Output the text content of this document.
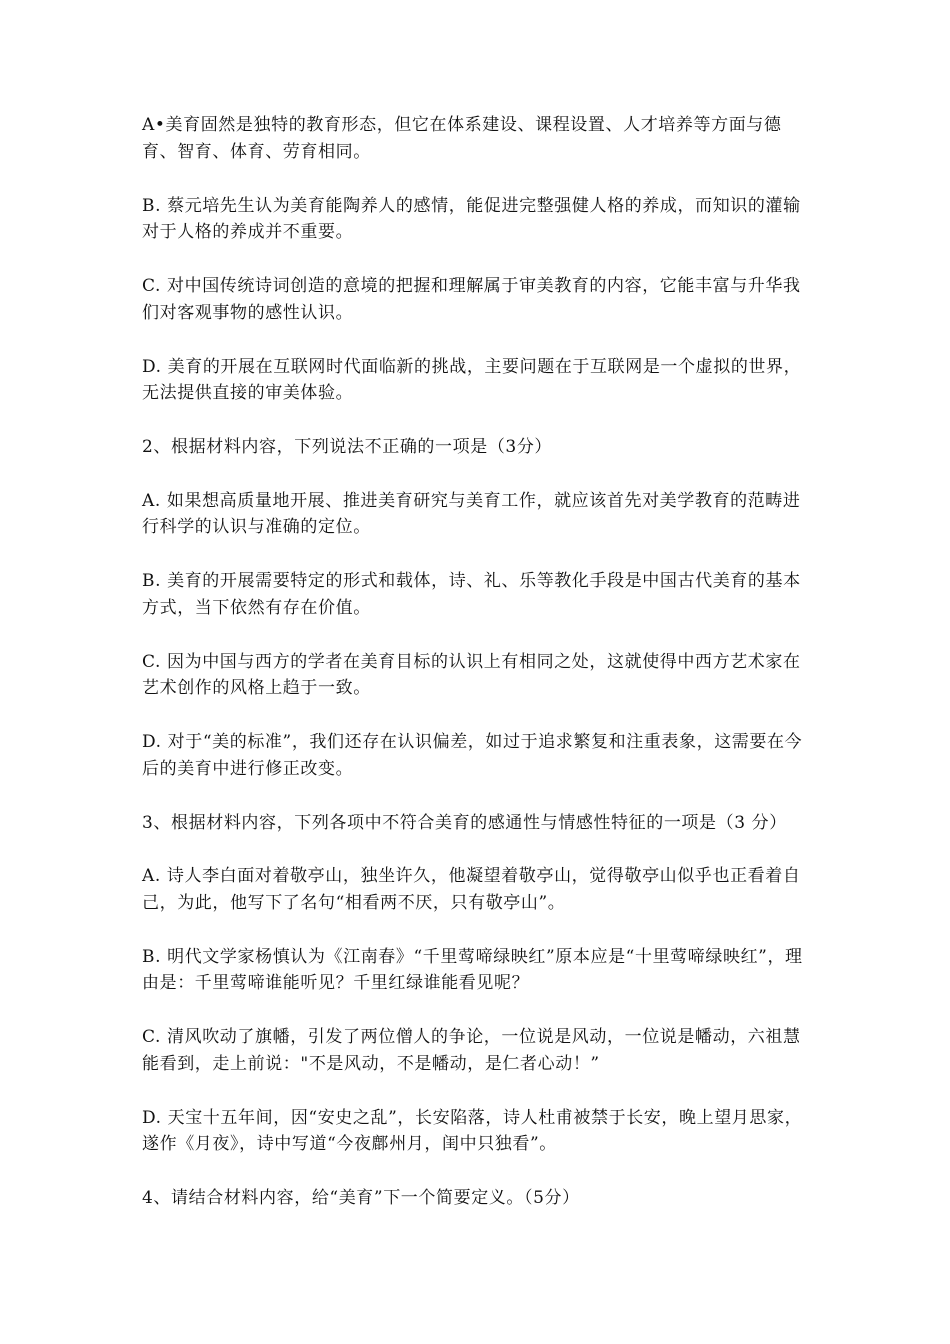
A•美育固然是独特的教育形态，但它在体系建设、课程设置、人才培养等方面与德育、智育、体育、劳育相同。

B. 蔡元培先生认为美育能陶养人的感情，能促进完整强健人格的养成，而知识的灌输对于人格的养成并不重要。

C. 对中国传统诗词创造的意境的把握和理解属于审美教育的内容，它能丰富与升华我们对客观事物的感性认识。

D. 美育的开展在互联网时代面临新的挑战，主要问题在于互联网是一个虚拟的世界，无法提供直接的审美体验。

2、根据材料内容，下列说法不正确的一项是（3分）

A. 如果想高质量地开展、推进美育研究与美育工作，就应该首先对美学教育的范畴进行科学的认识与准确的定位。

B. 美育的开展需要特定的形式和载体，诗、礼、乐等教化手段是中国古代美育的基本方式，当下依然有存在价值。

C. 因为中国与西方的学者在美育目标的认识上有相同之处，这就使得中西方艺术家在艺术创作的风格上趋于一致。

D. 对于“美的标准”，我们还存在认识偏差，如过于追求繁复和注重表象，这需要在今后的美育中进行修正改变。

3、根据材料内容，下列各项中不符合美育的感通性与情感性特征的一项是（3 分）

A. 诗人李白面对着敬亭山，独坐许久，他凝望着敬亭山，觉得敬亭山似乎也正看着自己，为此，他写下了名句“相看两不厌，只有敬亭山”。

B. 明代文学家杨慎认为《江南春》“千里莺啼绿映红”原本应是“十里莺啼绿映红”，理由是：千里莺啼谁能听见？千里红绿谁能看见呢？

C. 清风吹动了旗幡，引发了两位僧人的争论，一位说是风动，一位说是幡动，六祖慧能看到，走上前说："不是风动，不是幡动，是仁者心动！”

D. 天宝十五年间，因“安史之乱”，长安陷落，诗人杜甫被禁于长安，晚上望月思家，遂作《月夜》，诗中写道“今夜鄜州月，闺中只独看”。

4、请结合材料内容，给“美育”下一个简要定义。（5分）
